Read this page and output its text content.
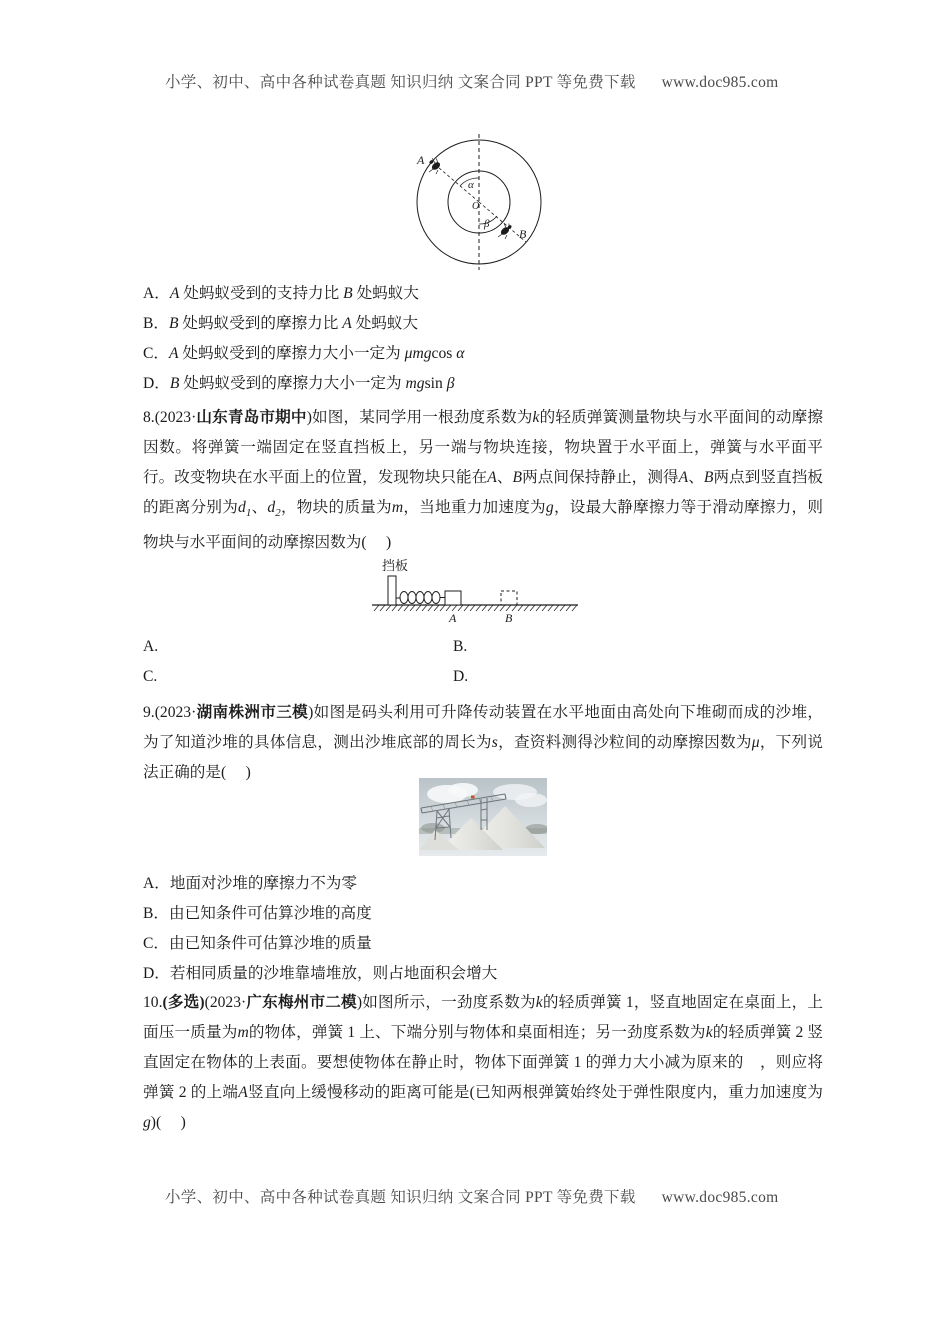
小学、初中、高中各种试卷真题 知识归纳 文案合同 PPT 等免费下载 www.doc985.com
A
B
α
β
O
A．A 处蚂蚁受到的支持力比 B 处蚂蚁大
B．B 处蚂蚁受到的摩擦力比 A 处蚂蚁大
C．A 处蚂蚁受到的摩擦力大小一定为 μmgcos α
D．B 处蚂蚁受到的摩擦力大小一定为 mgsin β
8.(2023·山东青岛市期中)如图，某同学用一根劲度系数为k的轻质弹簧测量物块与水平面间的动摩擦因数。将弹簧一端固定在竖直挡板上，另一端与物块连接，物块置于水平面上，弹簧与水平面平行。改变物块在水平面上的位置，发现物块只能在A、B两点间保持静止，测得A、B两点到竖直挡板的距离分别为$d_1$、$d_2$，物块的质量为m，当地重力加速度为g，设最大静摩擦力等于滑动摩擦力，则物块与水平面间的动摩擦因数为(     )
挡板
A	B
A.	B.
C.	D.
9.(2023·湖南株洲市三模)如图是码头利用可升降传动装置在水平地面由高处向下堆砌而成的沙堆，为了知道沙堆的具体信息，测出沙堆底部的周长为s，查资料测得沙粒间的动摩擦因数为μ，下列说法正确的是(     )
A．地面对沙堆的摩擦力不为零
B．由已知条件可估算沙堆的高度
C．由已知条件可估算沙堆的质量
D．若相同质量的沙堆靠墙堆放，则占地面积会增大
10.(多选)(2023·广东梅州市二模)如图所示，一劲度系数为k的轻质弹簧 1，竖直地固定在桌面上，上面压一质量为m的物体，弹簧 1 上、下端分别与物体和桌面相连；另一劲度系数为k的轻质弹簧 2 竖直固定在物体的上表面。要想使物体在静止时，物体下面弹簧 1 的弹力大小减为原来的 ，则应将弹簧 2 的上端A竖直向上缓慢移动的距离可能是(已知两根弹簧始终处于弹性限度内，重力加速度为g)(     )
小学、初中、高中各种试卷真题 知识归纳 文案合同 PPT 等免费下载 www.doc985.com
